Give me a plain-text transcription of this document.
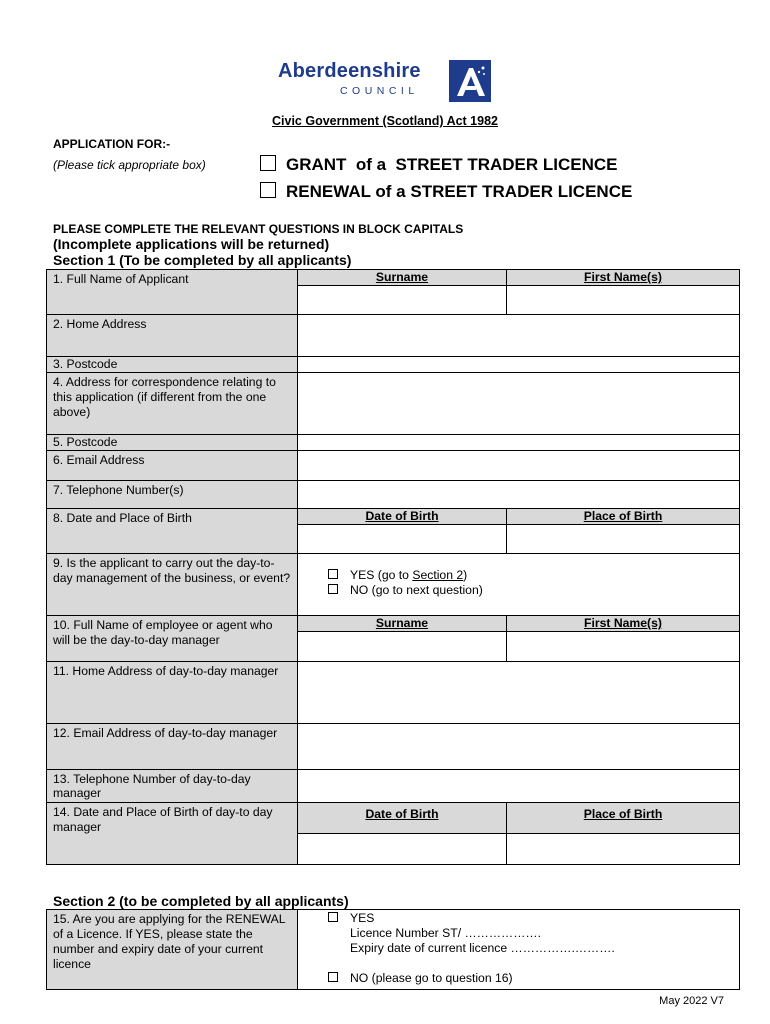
Aberdeenshire
COUNCIL
Civic Government (Scotland) Act 1982
APPLICATION FOR:-
(Please tick appropriate box)	GRANT  of a  STREET TRADER LICENCE
RENEWAL of a STREET TRADER LICENCE
PLEASE COMPLETE THE RELEVANT QUESTIONS IN BLOCK CAPITALS
(Incomplete applications will be returned)
Section 1 (To be completed by all applicants)
1. Full Name of Applicant	Surname	First Name(s)

2. Home Address		
3. Postcode		
4. Address for correspondence relating to this application (if different from the one above)		
5. Postcode		
6. Email Address		
7. Telephone Number(s)		
8. Date and Place of Birth	Date of Birth	Place of Birth

9. Is the applicant to carry out the day-to-day management of the business, or event?	YES (go to Section 2)
NO (go to next question)	

10. Full Name of employee or agent who will be the day-to-day manager	Surname	First Name(s)

11. Home Address of day-to-day manager		
12. Email Address of day-to-day manager		
13. Telephone Number of day-to-day manager		
14. Date and Place of Birth of day-to day manager	Date of Birth	Place of Birth

Section 2 (to be completed by all applicants)
15. Are you are applying for the RENEWAL of a Licence. If YES, please state the number and expiry date of your current licence	
YES
Licence Number ST/ ……………….
Expiry date of current licence …………….……….
NO (please go to question 16)
May 2022 V7
